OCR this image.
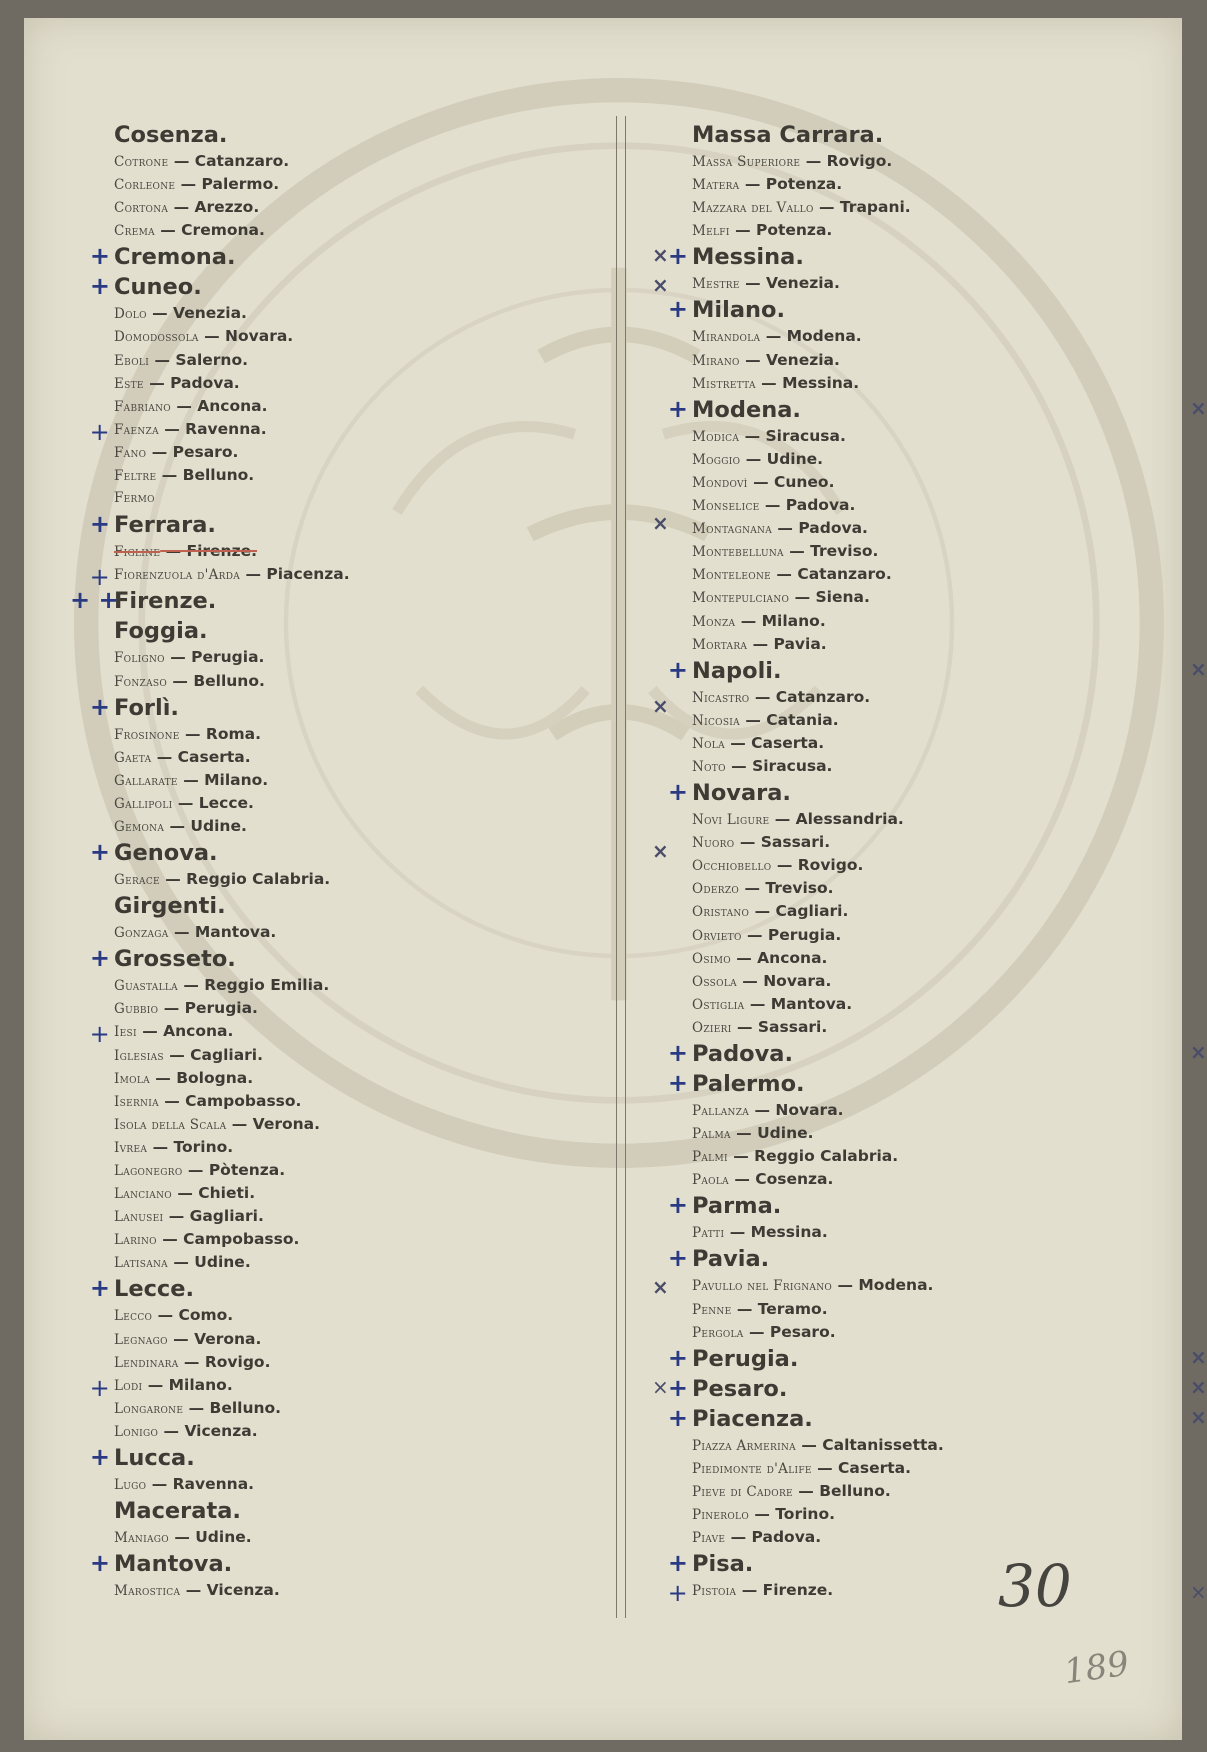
Cosenza.
Cotrone — Catanzaro.
Corleone — Palermo.
Cortona — Arezzo.
Crema — Cremona.
+ Cremona.	×
+ Cuneo.	×
Dolo — Venezia.
Domodossola — Novara.
Eboli — Salerno.
Este — Padova.
Fabriano — Ancona.
+ Faenza — Ravenna.
Fano — Pesaro.
Feltre — Belluno.
Fermo
+ Ferrara.	×
Figline — Firenze.
+ Fiorenzuola d'Arda — Piacenza.
+ +
Firenze.
Foggia.
Foligno — Perugia.
Fonzaso — Belluno.
+ Forlì.	×
Frosinone — Roma.
Gaeta — Caserta.
Gallarate — Milano.
Gallipoli — Lecce.
Gemona — Udine.
+ Genova.	×
Gerace — Reggio Calabria.
Girgenti.
Gonzaga — Mantova.
+ Grosseto.
Guastalla — Reggio Emilia.
Gubbio — Perugia.
+ Iesi — Ancona.
Iglesias — Cagliari.
Imola — Bologna.
Isernia — Campobasso.
Isola della Scala — Verona.
Ivrea — Torino.
Lagonegro — Pòtenza.
Lanciano — Chieti.
Lanusei — Gagliari.
Larino — Campobasso.
Latisana — Udine.
+ Lecce.	×
Lecco — Como.
Legnago — Verona.
Lendinara — Rovigo.
+ Lodi — Milano.	×
Longarone — Belluno.
Lonigo — Vicenza.
+ Lucca.
Lugo — Ravenna.
Macerata.
Maniago — Udine.
+ Mantova.
Marostica — Vicenza.
Massa Carrara.
Massa Superiore — Rovigo.
Matera — Potenza.
Mazzara del Vallo — Trapani.
Melfi — Potenza.
+ Messina.
Mestre — Venezia.
+ Milano.
Mirandola — Modena.
Mirano — Venezia.
Mistretta — Messina.
+ Modena.	×
Modica — Siracusa.
Moggio — Udine.
Mondovì — Cuneo.
Monselice — Padova.
Montagnana — Padova.
Montebelluna — Treviso.
Monteleone — Catanzaro.
Montepulciano — Siena.
Monza — Milano.
Mortara — Pavia.
+ Napoli.	×
Nicastro — Catanzaro.
Nicosia — Catania.
Nola — Caserta.
Noto — Siracusa.
+ Novara.
Novi Ligure — Alessandria.
Nuoro — Sassari.
Occhiobello — Rovigo.
Oderzo — Treviso.
Oristano — Cagliari.
Orvieto — Perugia.
Osimo — Ancona.
Ossola — Novara.
Ostiglia — Mantova.
Ozieri — Sassari.
+ Padova.	×
+ Palermo.
Pallanza — Novara.
Palma — Udine.
Palmi — Reggio Calabria.
Paola — Cosenza.
+ Parma.
Patti — Messina.
+ Pavia.
Pavullo nel Frignano — Modena.
Penne — Teramo.
Pergola — Pesaro.
+ Perugia.	×
+ Pesaro.	×
+ Piacenza.	×
Piazza Armerina — Caltanissetta.
Piedimonte d'Alife — Caserta.
Pieve di Cadore — Belluno.
Pinerolo — Torino.
Piave — Padova.
+ Pisa.
+ Pistoia — Firenze.	×
30
189
